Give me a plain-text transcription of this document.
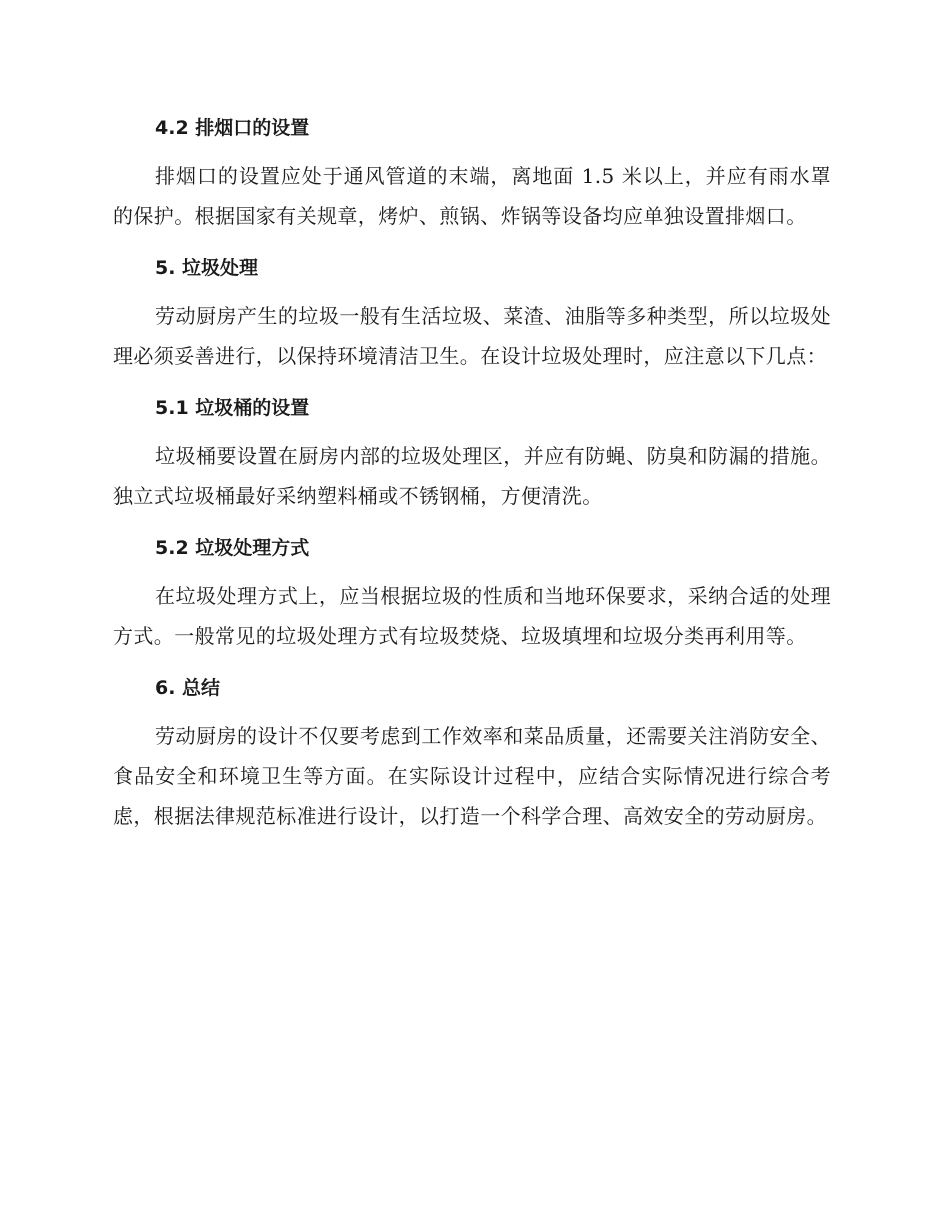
4.2 排烟口的设置
排烟口的设置应处于通风管道的末端，离地面 1.5 米以上，并应有雨水罩的保护。根据国家有关规章，烤炉、煎锅、炸锅等设备均应单独设置排烟口。
5. 垃圾处理
劳动厨房产生的垃圾一般有生活垃圾、菜渣、油脂等多种类型，所以垃圾处理必须妥善进行，以保持环境清洁卫生。在设计垃圾处理时，应注意以下几点：
5.1 垃圾桶的设置
垃圾桶要设置在厨房内部的垃圾处理区，并应有防蝇、防臭和防漏的措施。独立式垃圾桶最好采纳塑料桶或不锈钢桶，方便清洗。
5.2 垃圾处理方式
在垃圾处理方式上，应当根据垃圾的性质和当地环保要求，采纳合适的处理方式。一般常见的垃圾处理方式有垃圾焚烧、垃圾填埋和垃圾分类再利用等。
6. 总结
劳动厨房的设计不仅要考虑到工作效率和菜品质量，还需要关注消防安全、食品安全和环境卫生等方面。在实际设计过程中，应结合实际情况进行综合考虑，根据法律规范标准进行设计，以打造一个科学合理、高效安全的劳动厨房。
